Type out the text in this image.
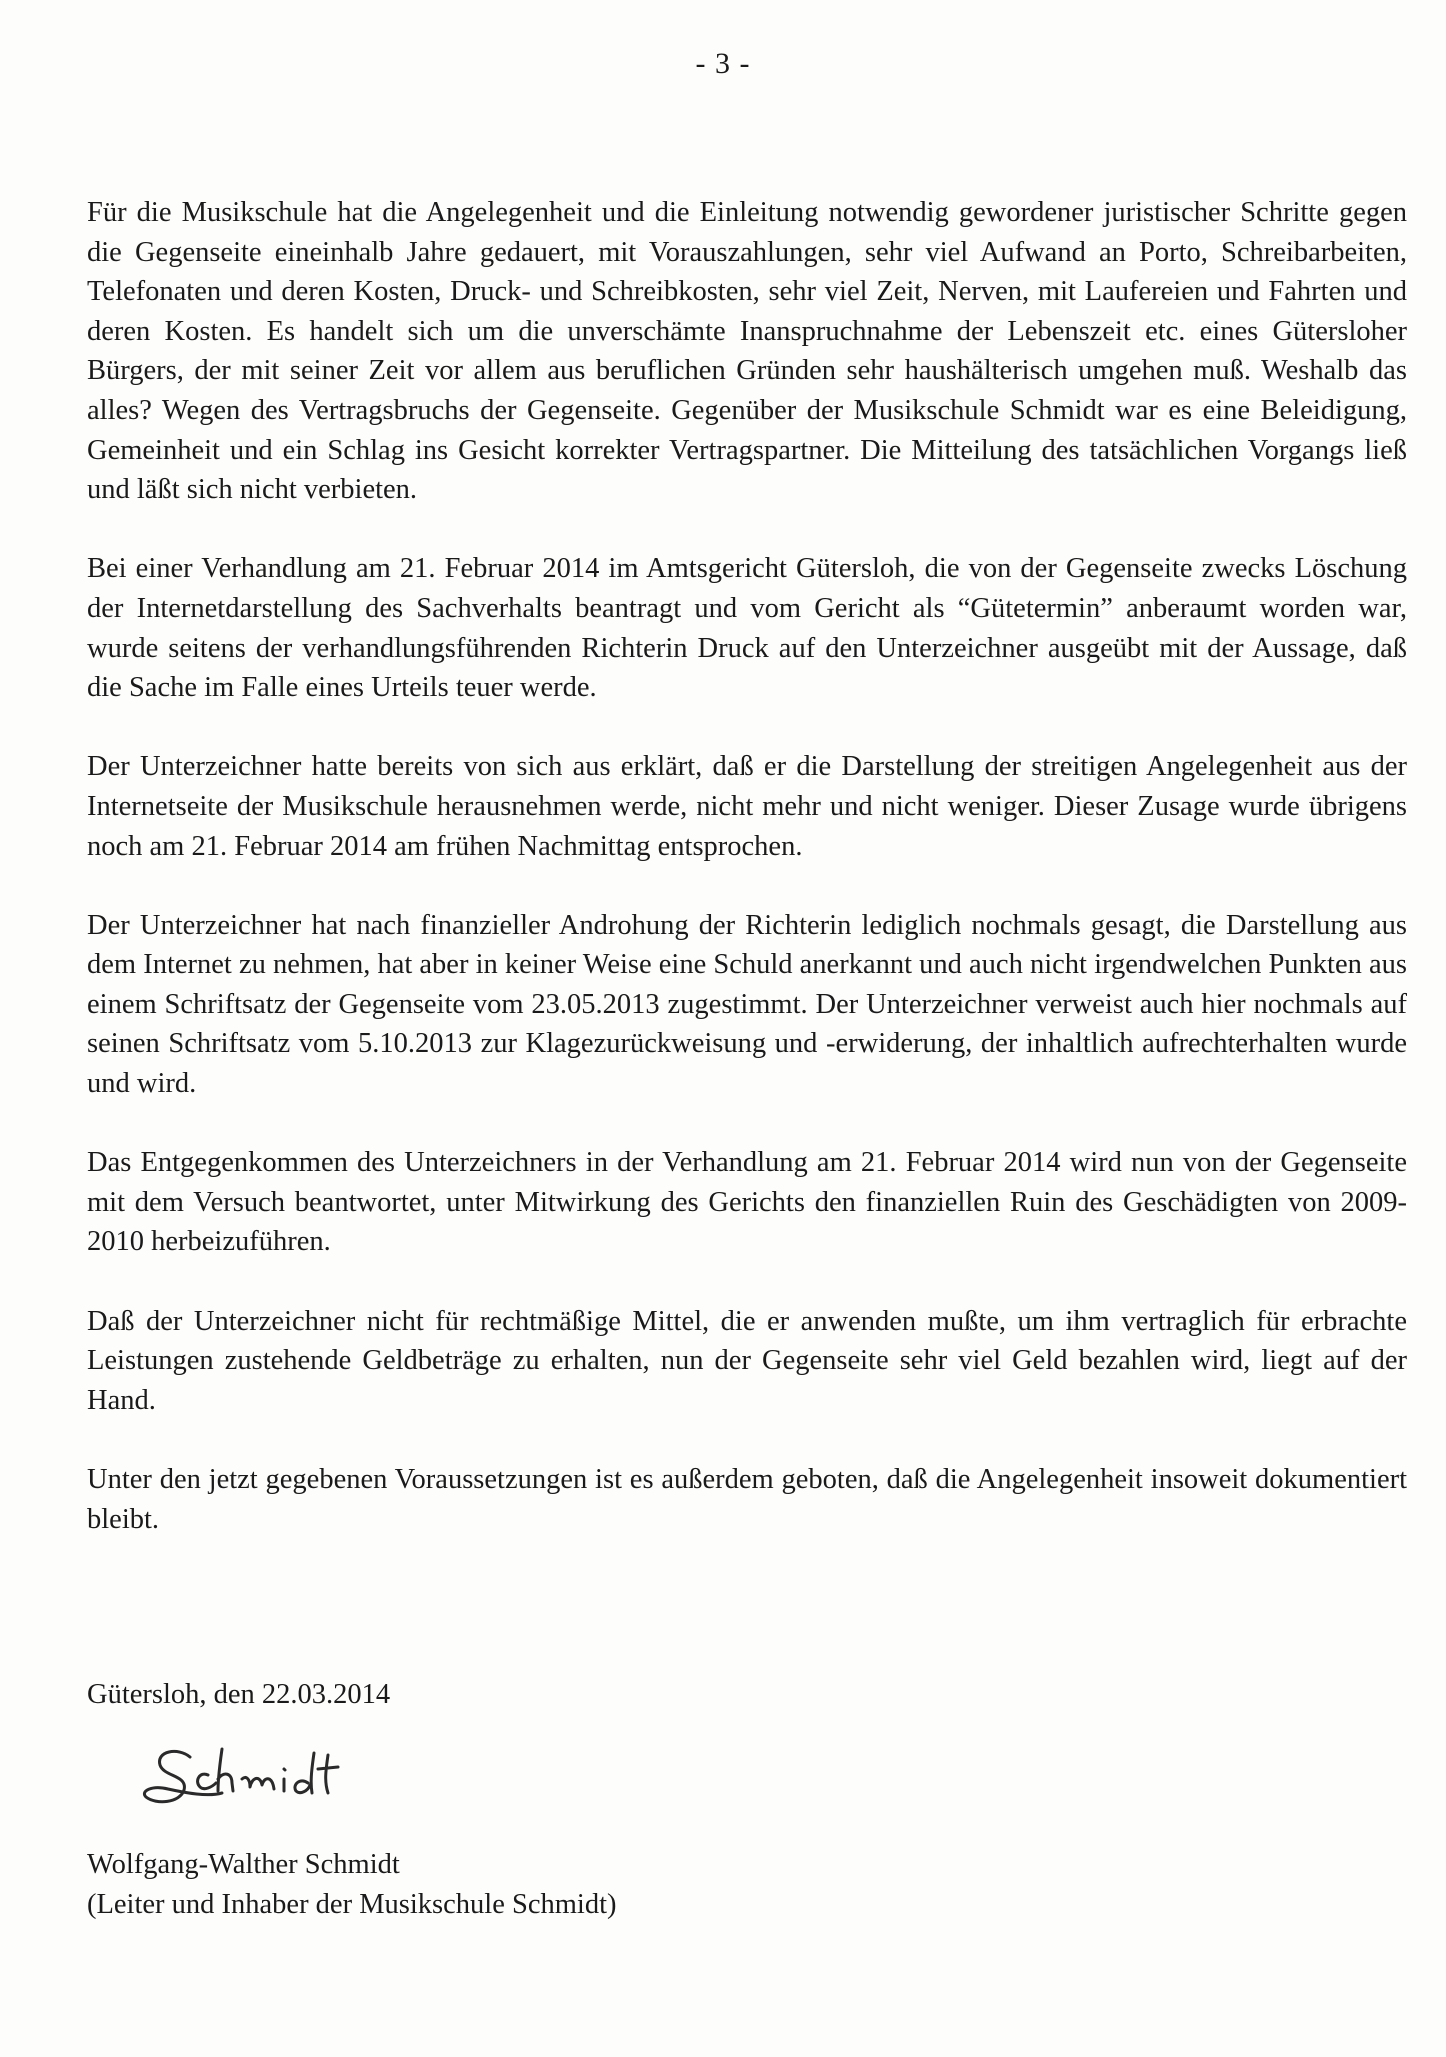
- 3 -

Für die Musikschule hat die Angelegenheit und die Einleitung notwendig gewordener juristischer Schritte gegen die Gegenseite eineinhalb Jahre gedauert, mit Vorauszahlungen, sehr viel Aufwand an Porto, Schreibarbeiten, Telefonaten und deren Kosten, Druck- und Schreibkosten, sehr viel Zeit, Nerven, mit Laufereien und Fahrten und deren Kosten. Es handelt sich um die unverschämte Inanspruchnahme der Lebenszeit etc. eines Gütersloher Bürgers, der mit seiner Zeit vor allem aus beruflichen Gründen sehr haushälterisch umgehen muß. Weshalb das alles? Wegen des Vertragsbruchs der Gegenseite. Gegenüber der Musikschule Schmidt war es eine Beleidigung, Gemeinheit und ein Schlag ins Gesicht korrekter Vertragspartner. Die Mitteilung des tatsächlichen Vorgangs ließ und läßt sich nicht verbieten.

Bei einer Verhandlung am 21. Februar 2014 im Amtsgericht Gütersloh, die von der Gegenseite zwecks Löschung der Internetdarstellung des Sachverhalts beantragt und vom Gericht als “Gütetermin” anberaumt worden war, wurde seitens der verhandlungsführenden Richterin Druck auf den Unterzeichner ausgeübt mit der Aussage, daß die Sache im Falle eines Urteils teuer werde.

Der Unterzeichner hatte bereits von sich aus erklärt, daß er die Darstellung der streitigen Angelegenheit aus der Internetseite der Musikschule herausnehmen werde, nicht mehr und nicht weniger. Dieser Zusage wurde übrigens noch am 21. Februar 2014 am frühen Nachmittag entsprochen.

Der Unterzeichner hat nach finanzieller Androhung der Richterin lediglich nochmals gesagt, die Darstellung aus dem Internet zu nehmen, hat aber in keiner Weise eine Schuld anerkannt und auch nicht irgendwelchen Punkten aus einem Schriftsatz der Gegenseite vom 23.05.2013 zugestimmt. Der Unterzeichner verweist auch hier nochmals auf seinen Schriftsatz vom 5.10.2013 zur Klagezurückweisung und -erwiderung, der inhaltlich aufrechterhalten wurde und wird.

Das Entgegenkommen des Unterzeichners in der Verhandlung am 21. Februar 2014 wird nun von der Gegenseite mit dem Versuch beantwortet, unter Mitwirkung des Gerichts den finanziellen Ruin des Geschädigten von 2009-2010 herbeizuführen.

Daß der Unterzeichner nicht für rechtmäßige Mittel, die er anwenden mußte, um ihm vertraglich für erbrachte Leistungen zustehende Geldbeträge zu erhalten, nun der Gegenseite sehr viel Geld bezahlen wird, liegt auf der Hand.

Unter den jetzt gegebenen Voraussetzungen ist es außerdem geboten, daß die Angelegenheit insoweit dokumentiert bleibt.

Gütersloh, den 22.03.2014

Wolfgang-Walther Schmidt
(Leiter und Inhaber der Musikschule Schmidt)
